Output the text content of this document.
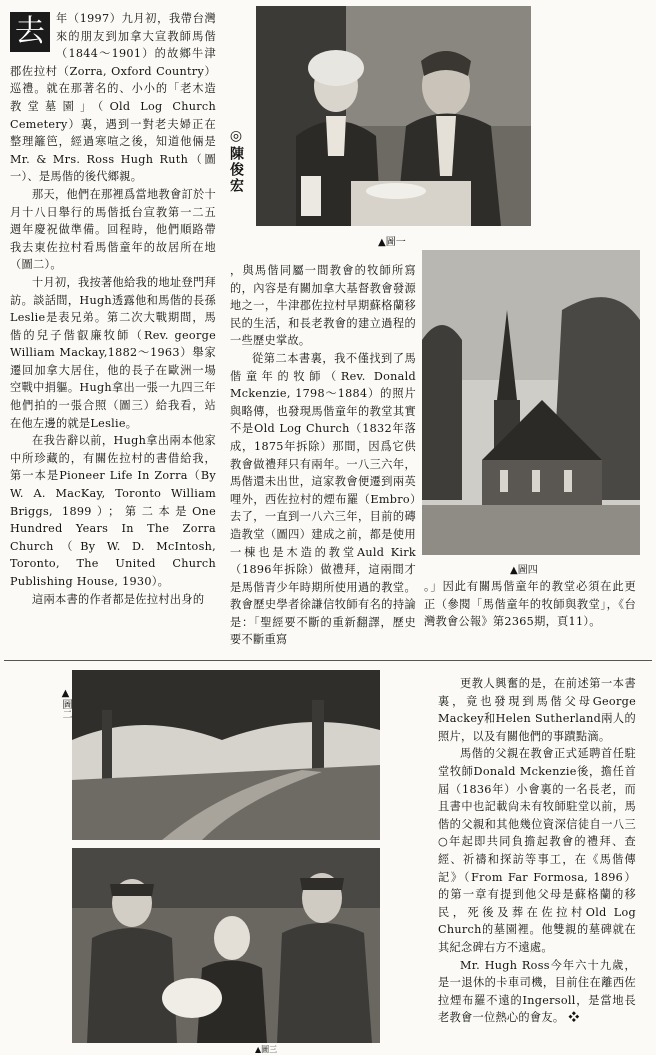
▲圖一
◎陳俊宏

去 年（1997）九月初，我帶台灣來的朋友到加拿大宣教師馬偕（1844～1901）的故鄉牛津郡佐拉村（Zorra, Oxford Country）巡禮。就在那著名的、小小的「老木造教堂墓園」（Old Log Church Cemetery）裏，遇到一對老夫婦正在整理籬笆，經過寒喧之後，知道他倆是Mr. & Mrs. Ross Hugh Ruth（圖一）、是馬偕的後代鄉親。

那天，他們在那裡爲當地教會訂於十月十八日舉行的馬偕抵台宣教第一二五週年慶祝做準備。回程時，他們順路帶我去東佐拉村看馬偕童年的故居所在地（圖二）。

十月初，我按著他給我的地址登門拜訪。談話間，Hugh透露他和馬偕的長孫Leslie是表兄弟。第二次大戰期間，馬偕的兒子偕叡廉牧師（Rev. george William Mackay,1882～1963）舉家遷回加拿大居住，他的長子在歐洲一場空戰中捐軀。Hugh拿出一張一九四三年他們拍的一張合照（圖三）給我看，站在他左邊的就是Leslie。

在我告辭以前，Hugh拿出兩本他家中所珍藏的，有關佐拉村的書借給我，第一本是Pioneer Life In Zorra（By W. A. MacKay, Toronto William Briggs, 1899）；第二本是One Hundred Years In The Zorra Church（By W. D. McIntosh, Toronto, The United Church Publishing House, 1930）。

這兩本書的作者都是佐拉村出身的

，與馬偕同屬一間教會的牧師所寫的，內容是有關加拿大基督教會發源地之一，牛津郡佐拉村早期蘇格蘭移民的生活，和長老教會的建立過程的一些歷史掌故。

從第二本書裏，我不僅找到了馬偕童年的牧師（Rev. Donald Mckenzie, 1798～1884）的照片與略傳，也發現馬偕童年的教堂其實不是Old Log Church（1832年落成，1875年拆除）那間，因爲它供教會做禮拜只有兩年。一八三六年，馬偕還未出世，這家教會便遷到兩英哩外，西佐拉村的煙布羅（Embro）去了，一直到一八六三年，目前的磚造教堂（圖四）建成之前，都是使用一棟也是木造的教堂Auld Kirk（1896年拆除）做禮拜，這兩間才是馬偕青少年時期所使用過的教堂。教會歷史學者徐謙信牧師有名的持論是：「聖經要不斷的重新翻譯，歷史要不斷重寫

▲圖四

。」因此有關馬偕童年的教堂必須在此更正（參閱「馬偕童年的牧師與教堂」，《台灣教會公報》第2365期，頁11）。

▲圖二
▲圖三

更教人興奮的是，在前述第一本書裏，竟也發現到馬偕父母George Mackey和Helen Sutherland兩人的照片，以及有關他們的事蹟點滴。

馬偕的父親在教會正式延聘首任駐堂牧師Donald Mckenzie後，擔任首屆（1836年）小會裏的一名長老，而且書中也記載尙未有牧師駐堂以前，馬偕的父親和其他幾位資深信徒自一八三○年起即共同負擔起教會的禮拜、查經、祈禱和探訪等事工，在《馬偕傳記》（From Far Formosa, 1896）的第一章有提到他父母是蘇格蘭的移民，死後及葬在佐拉村Old Log Church的墓園裡。他雙親的墓碑就在其紀念碑右方不遠處。

Mr. Hugh Ross今年六十九歲，是一退休的卡車司機，目前住在離西佐拉煙布羅不遠的Ingersoll，是當地長老教會一位熱心的會友。 ❖
